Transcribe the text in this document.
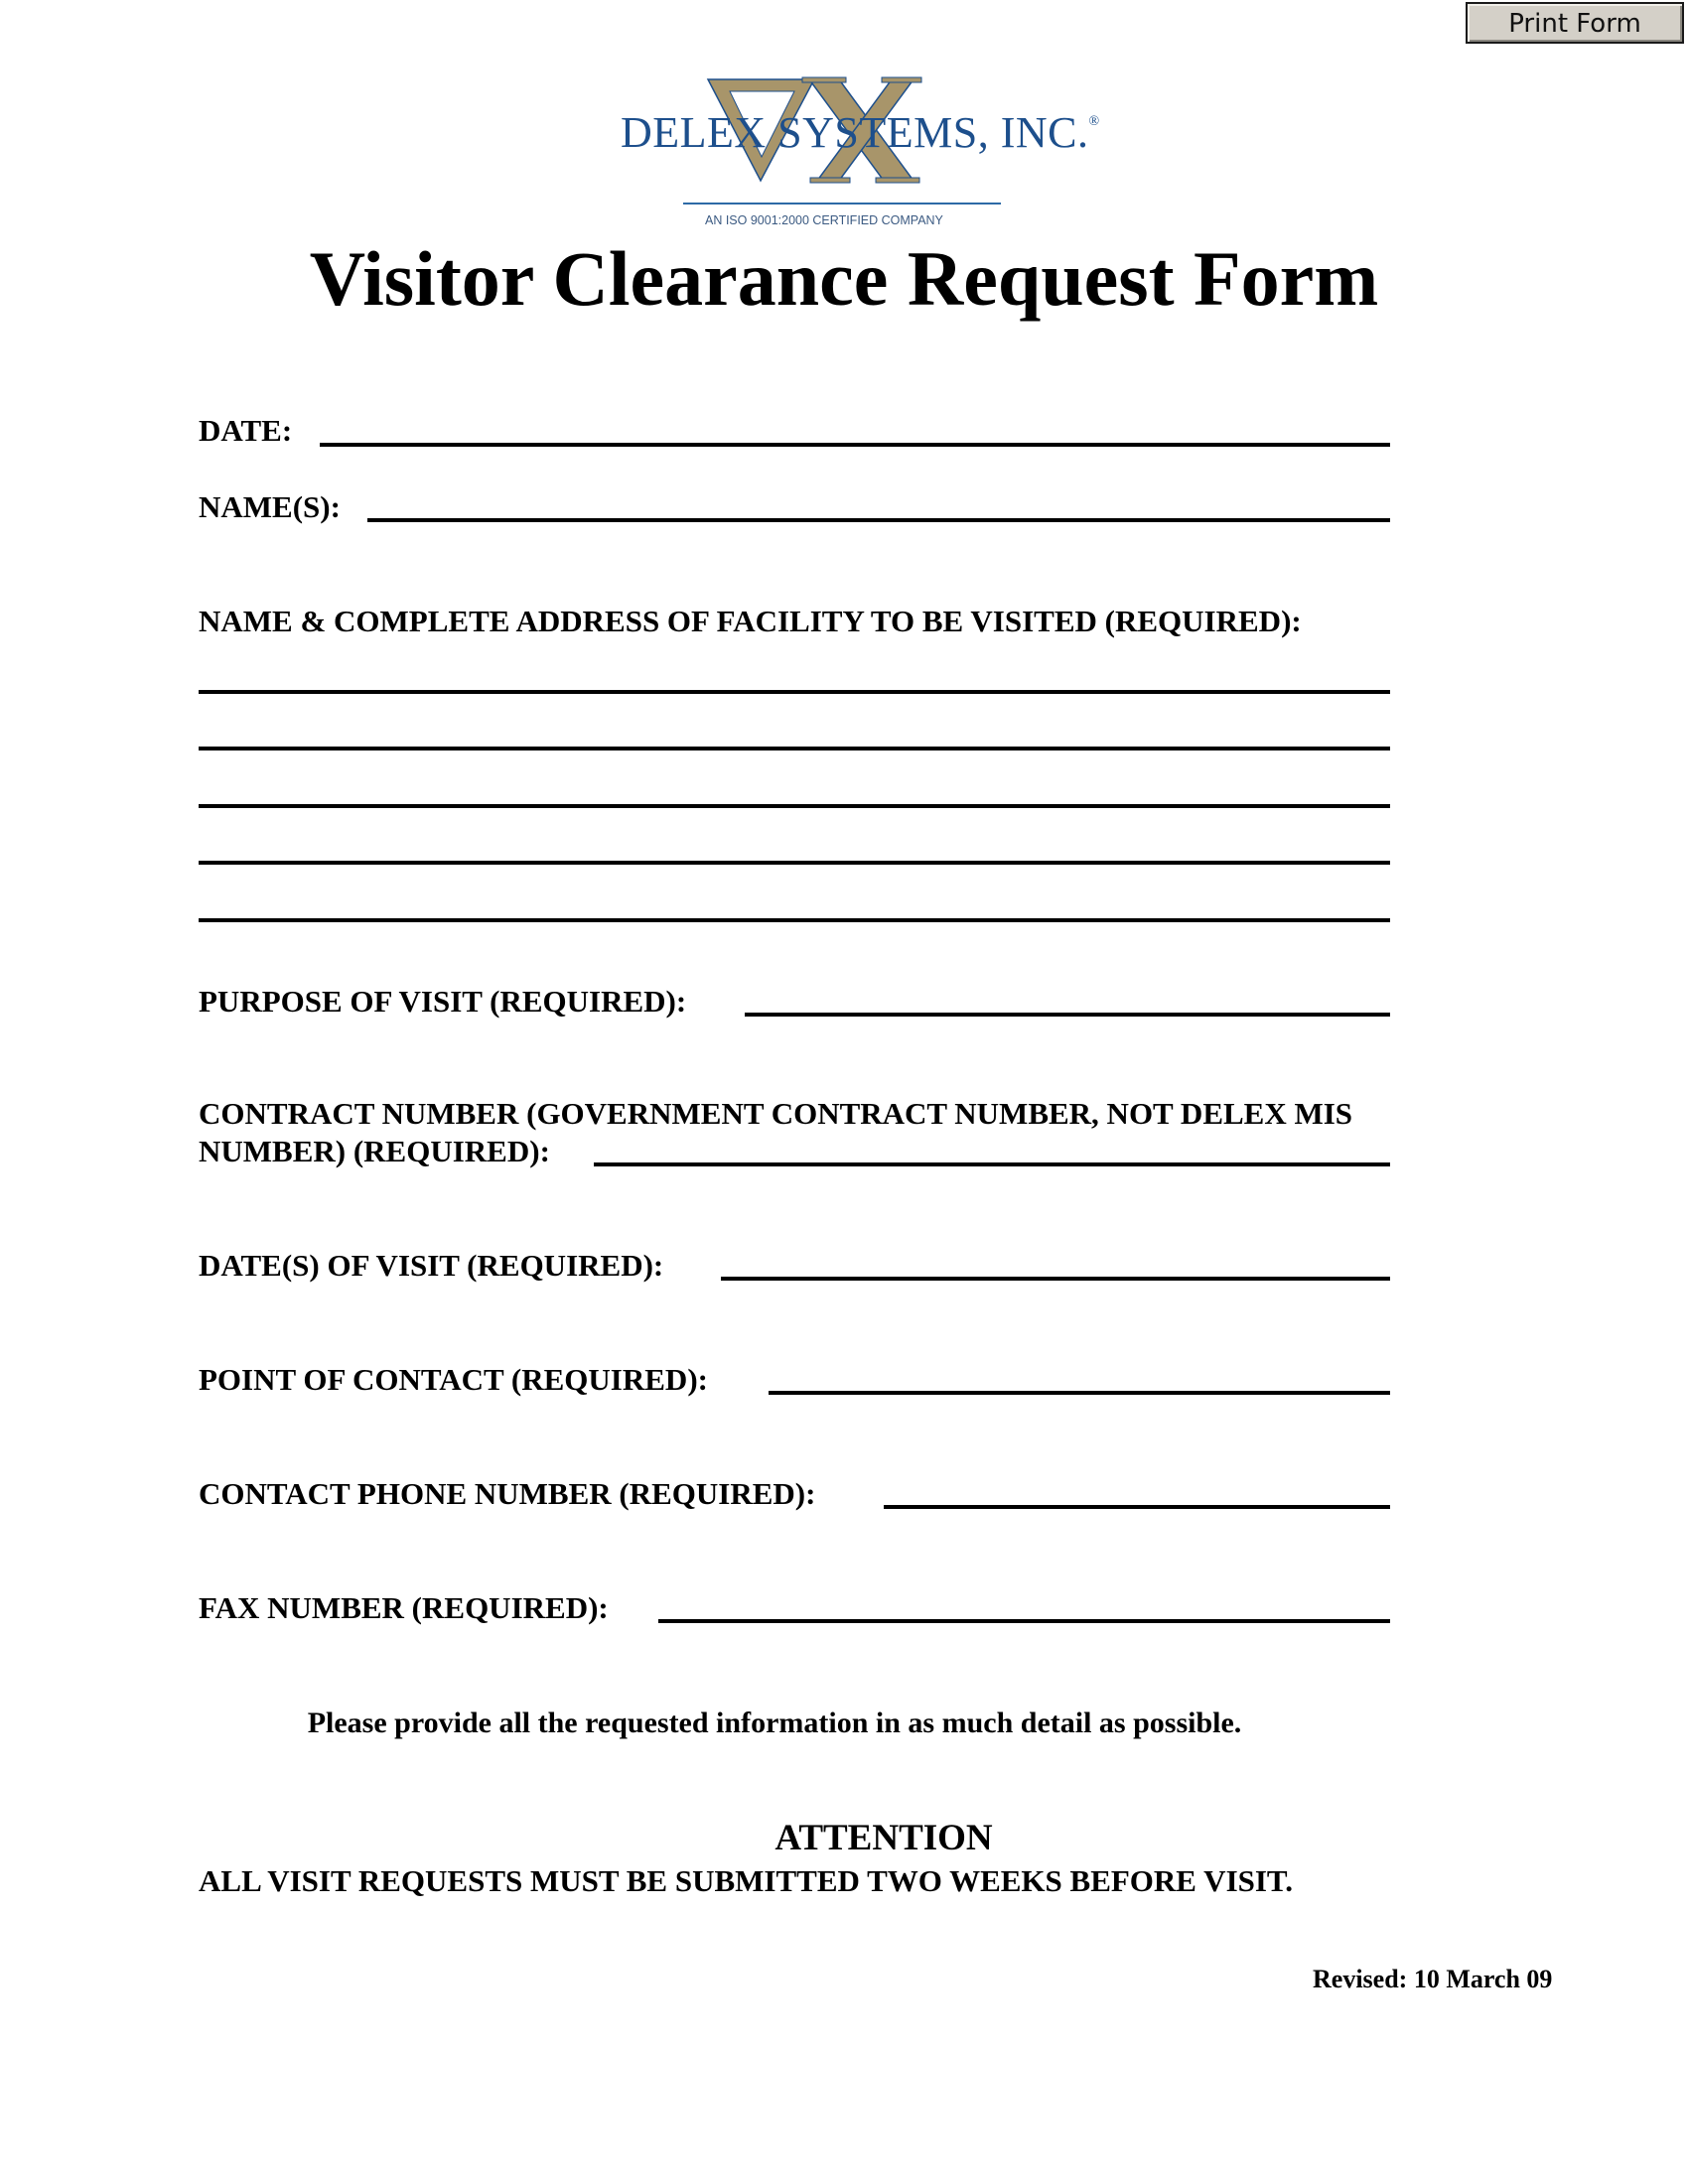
Print Form
DELEX SYSTEMS, INC.®
AN ISO 9001:2000 CERTIFIED COMPANY
Visitor Clearance Request Form
DATE:
NAME(S):
NAME & COMPLETE ADDRESS OF FACILITY TO BE VISITED (REQUIRED):
PURPOSE OF VISIT (REQUIRED):
CONTRACT NUMBER (GOVERNMENT CONTRACT NUMBER, NOT DELEX MIS
NUMBER) (REQUIRED):
DATE(S) OF VISIT (REQUIRED):
POINT OF CONTACT (REQUIRED):
CONTACT PHONE NUMBER (REQUIRED):
FAX NUMBER (REQUIRED):
Please provide all the requested information in as much detail as possible.
ATTENTION
ALL VISIT REQUESTS MUST BE SUBMITTED TWO WEEKS BEFORE VISIT.
Revised: 10 March 09
